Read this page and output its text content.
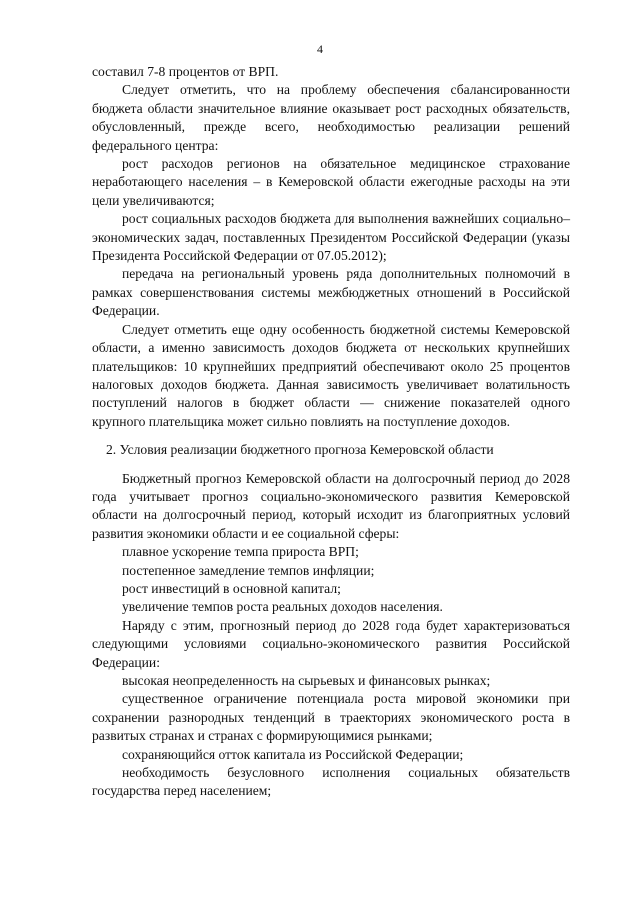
4

составил 7-8 процентов от ВРП.

Следует отметить, что на проблему обеспечения сбалансированности бюджета области значительное влияние оказывает рост расходных обязательств, обусловленный, прежде всего, необходимостью реализации решений федерального центра:

рост расходов регионов на обязательное медицинское страхование неработающего населения – в Кемеровской области ежегодные расходы на эти цели увеличиваются;

рост социальных расходов бюджета для выполнения важнейших социально–экономических задач, поставленных Президентом Российской Федерации (указы Президента Российской Федерации от 07.05.2012);

передача на региональный уровень ряда дополнительных полномочий в рамках совершенствования системы межбюджетных отношений в Российской Федерации.

Следует отметить еще одну особенность бюджетной системы Кемеровской области, а именно зависимость доходов бюджета от нескольких крупнейших плательщиков: 10 крупнейших предприятий обеспечивают около 25 процентов налоговых доходов бюджета. Данная зависимость увеличивает волатильность поступлений налогов в бюджет области — снижение показателей одного крупного плательщика может сильно повлиять на поступление доходов.

2. Условия реализации бюджетного прогноза Кемеровской области

Бюджетный прогноз Кемеровской области на долгосрочный период до 2028 года учитывает прогноз социально-экономического развития Кемеровской области на долгосрочный период, который исходит из благоприятных условий развития экономики области и ее социальной сферы:

плавное ускорение темпа прироста ВРП;

постепенное замедление темпов инфляции;

рост инвестиций в основной капитал;

увеличение темпов роста реальных доходов населения.

Наряду с этим, прогнозный период до 2028 года будет характеризоваться следующими условиями социально-экономического развития Российской Федерации:

высокая неопределенность на сырьевых и финансовых рынках;

существенное ограничение потенциала роста мировой экономики при сохранении разнородных тенденций в траекториях экономического роста в развитых странах и странах с формирующимися рынками;

сохраняющийся отток капитала из Российской Федерации;

необходимость безусловного исполнения социальных обязательств государства перед населением;
